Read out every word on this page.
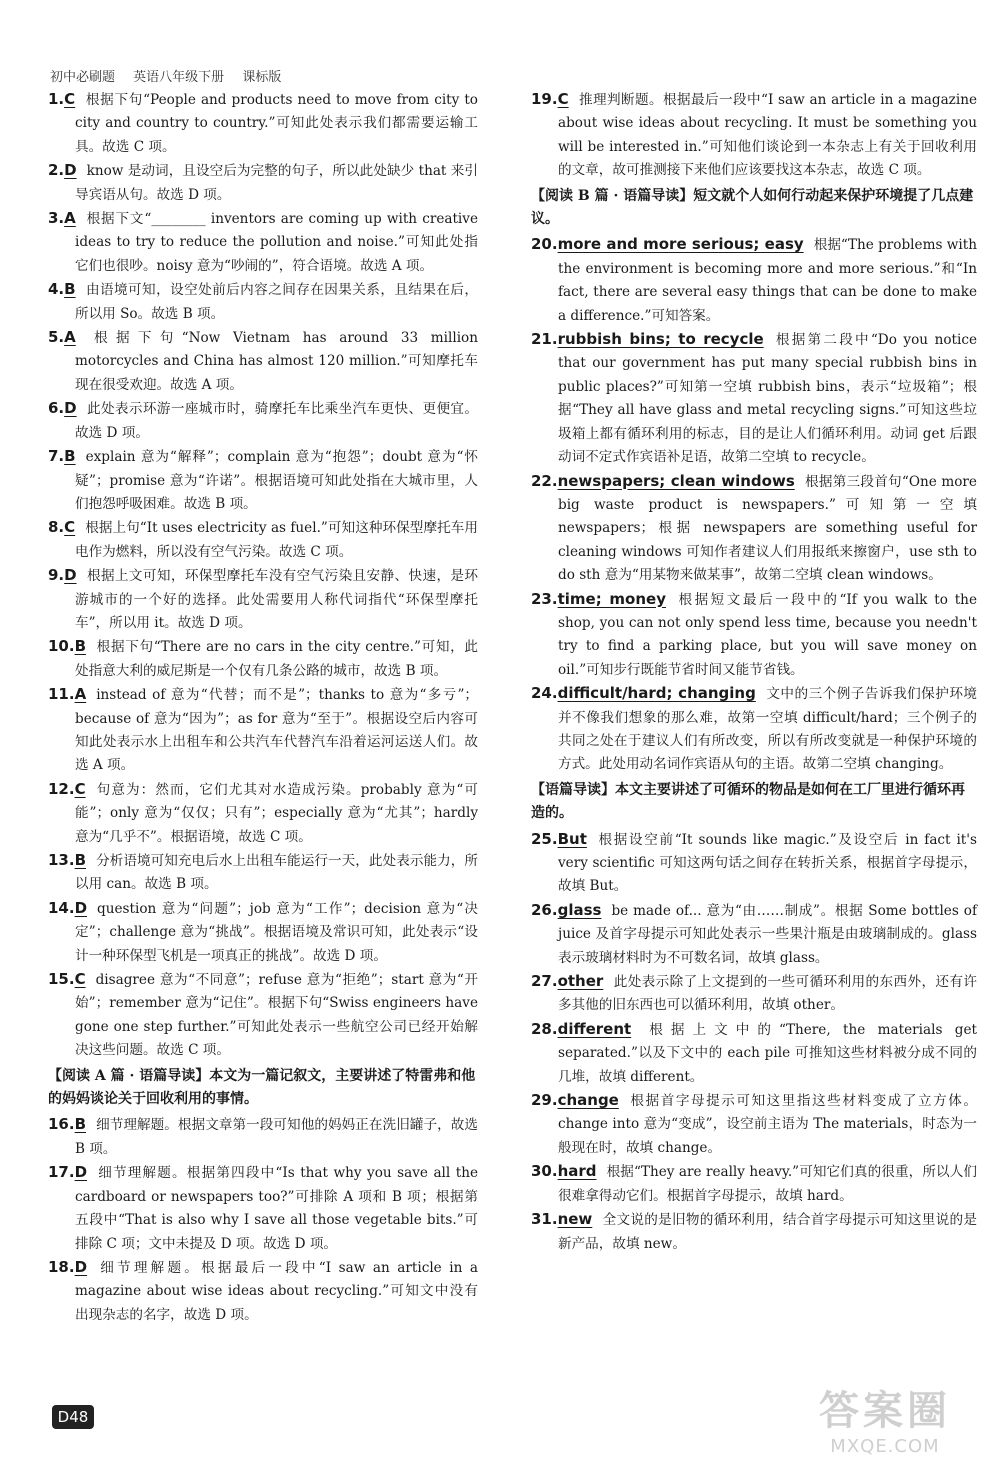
初中必刷题 英语八年级下册 课标版
1.C 根据下句“People and products need to move from city to city and country to country.”可知此处表示我们都需要运输工具。故选 C 项。
2.D know 是动词，且设空后为完整的句子，所以此处缺少 that 来引导宾语从句。故选 D 项。
3.A 根据下文“________ inventors are coming up with creative ideas to try to reduce the pollution and noise.”可知此处指它们也很吵。noisy 意为“吵闹的”，符合语境。故选 A 项。
4.B 由语境可知，设空处前后内容之间存在因果关系，且结果在后，所以用 So。故选 B 项。
5.A 根据下句“Now Vietnam has around 33 million motorcycles and China has almost 120 million.”可知摩托车现在很受欢迎。故选 A 项。
6.D 此处表示环游一座城市时，骑摩托车比乘坐汽车更快、更便宜。故选 D 项。
7.B explain 意为“解释”；complain 意为“抱怨”；doubt 意为“怀疑”；promise 意为“许诺”。根据语境可知此处指在大城市里，人们抱怨呼吸困难。故选 B 项。
8.C 根据上句“It uses electricity as fuel.”可知这种环保型摩托车用电作为燃料，所以没有空气污染。故选 C 项。
9.D 根据上文可知，环保型摩托车没有空气污染且安静、快速，是环游城市的一个好的选择。此处需要用人称代词指代“环保型摩托车”，所以用 it。故选 D 项。
10.B 根据下句“There are no cars in the city centre.”可知，此处指意大利的威尼斯是一个仅有几条公路的城市，故选 B 项。
11.A instead of 意为“代替；而不是”；thanks to 意为“多亏”；because of 意为“因为”；as for 意为“至于”。根据设空后内容可知此处表示水上出租车和公共汽车代替汽车沿着运河运送人们。故选 A 项。
12.C 句意为：然而，它们尤其对水造成污染。probably 意为“可能”；only 意为“仅仅；只有”；especially 意为“尤其”；hardly 意为“几乎不”。根据语境，故选 C 项。
13.B 分析语境可知充电后水上出租车能运行一天，此处表示能力，所以用 can。故选 B 项。
14.D question 意为“问题”；job 意为“工作”；decision 意为“决定”；challenge 意为“挑战”。根据语境及常识可知，此处表示“设计一种环保型飞机是一项真正的挑战”。故选 D 项。
15.C disagree 意为“不同意”；refuse 意为“拒绝”；start 意为“开始”；remember 意为“记住”。根据下句“Swiss engineers have gone one step further.”可知此处表示一些航空公司已经开始解决这些问题。故选 C 项。
【阅读 A 篇 · 语篇导读】本文为一篇记叙文，主要讲述了特雷弗和他的妈妈谈论关于回收利用的事情。
16.B 细节理解题。根据文章第一段可知他的妈妈正在洗旧罐子，故选 B 项。
17.D 细节理解题。根据第四段中“Is that why you save all the cardboard or newspapers too?”可排除 A 项和 B 项；根据第五段中“That is also why I save all those vegetable bits.”可排除 C 项；文中未提及 D 项。故选 D 项。
18.D 细节理解题。根据最后一段中“I saw an article in a magazine about wise ideas about recycling.”可知文中没有出现杂志的名字，故选 D 项。
19.C 推理判断题。根据最后一段中“I saw an article in a magazine about wise ideas about recycling. It must be something you will be interested in.”可知他们谈论到一本杂志上有关于回收利用的文章，故可推测接下来他们应该要找这本杂志，故选 C 项。
【阅读 B 篇 · 语篇导读】短文就个人如何行动起来保护环境提了几点建议。
20.more and more serious; easy 根据“The problems with the environment is becoming more and more serious.”和“In fact, there are several easy things that can be done to make a difference.”可知答案。
21.rubbish bins; to recycle 根据第二段中“Do you notice that our government has put many special rubbish bins in public places?”可知第一空填 rubbish bins，表示“垃圾箱”；根据“They all have glass and metal recycling signs.”可知这些垃圾箱上都有循环利用的标志，目的是让人们循环利用。动词 get 后跟动词不定式作宾语补足语，故第二空填 to recycle。
22.newspapers; clean windows 根据第三段首句“One more big waste product is newspapers.”可知第一空填 newspapers；根据 newspapers are something useful for cleaning windows 可知作者建议人们用报纸来擦窗户，use sth to do sth 意为“用某物来做某事”，故第二空填 clean windows。
23.time; money 根据短文最后一段中的“If you walk to the shop, you can not only spend less time, because you needn't try to find a parking place, but you will save money on oil.”可知步行既能节省时间又能节省钱。
24.difficult/hard; changing 文中的三个例子告诉我们保护环境并不像我们想象的那么难，故第一空填 difficult/hard；三个例子的共同之处在于建议人们有所改变，所以有所改变就是一种保护环境的方式。此处用动名词作宾语从句的主语。故第二空填 changing。
【语篇导读】本文主要讲述了可循环的物品是如何在工厂里进行循环再造的。
25.But 根据设空前“It sounds like magic.”及设空后 in fact it's very scientific 可知这两句话之间存在转折关系，根据首字母提示，故填 But。
26.glass be made of... 意为“由……制成”。根据 Some bottles of juice 及首字母提示可知此处表示一些果汁瓶是由玻璃制成的。glass 表示玻璃材料时为不可数名词，故填 glass。
27.other 此处表示除了上文提到的一些可循环利用的东西外，还有许多其他的旧东西也可以循环利用，故填 other。
28.different 根据上文中的“There, the materials get separated.”以及下文中的 each pile 可推知这些材料被分成不同的几堆，故填 different。
29.change 根据首字母提示可知这里指这些材料变成了立方体。change into 意为“变成”，设空前主语为 The materials，时态为一般现在时，故填 change。
30.hard 根据“They are really heavy.”可知它们真的很重，所以人们很难拿得动它们。根据首字母提示，故填 hard。
31.new 全文说的是旧物的循环利用，结合首字母提示可知这里说的是新产品，故填 new。
D48	答案圈
MXQE.COM
